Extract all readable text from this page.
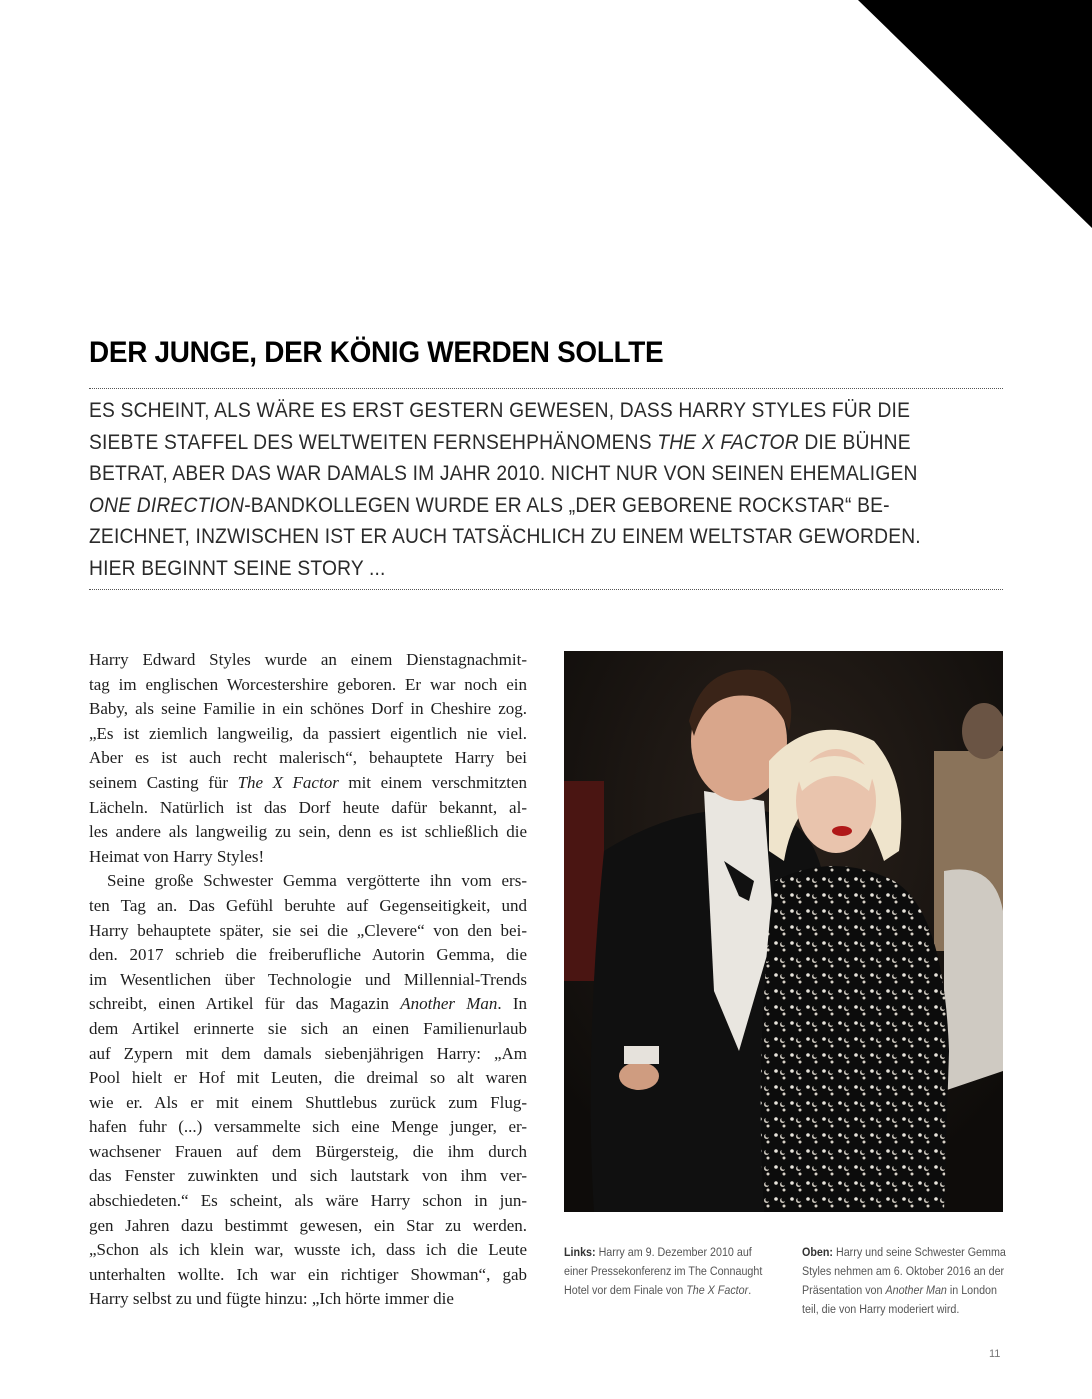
DER JUNGE, DER KÖNIG WERDEN SOLLTE

ES SCHEINT, ALS WÄRE ES ERST GESTERN GEWESEN, DASS HARRY STYLES FÜR DIE
SIEBTE STAFFEL DES WELTWEITEN FERNSEHPHÄNOMENS THE X FACTOR DIE BÜHNE
BETRAT, ABER DAS WAR DAMALS IM JAHR 2010. NICHT NUR VON SEINEN EHEMALIGEN
ONE DIRECTION-BANDKOLLEGEN WURDE ER ALS „DER GEBORENE ROCKSTAR“ BE-
ZEICHNET, INZWISCHEN IST ER AUCH TATSÄCHLICH ZU EINEM WELTSTAR GEWORDEN.
HIER BEGINNT SEINE STORY ...

Harry Edward Styles wurde an einem Dienstagnachmit-
tag im englischen Worcestershire geboren. Er war noch ein
Baby, als seine Familie in ein schönes Dorf in Cheshire zog.
„Es ist ziemlich langweilig, da passiert eigentlich nie viel.
Aber es ist auch recht malerisch“, behauptete Harry bei
seinem Casting für The X Factor mit einem verschmitzten
Lächeln. Natürlich ist das Dorf heute dafür bekannt, al-
les andere als langweilig zu sein, denn es ist schließlich die
Heimat von Harry Styles!
Seine große Schwester Gemma vergötterte ihn vom ers-
ten Tag an. Das Gefühl beruhte auf Gegenseitigkeit, und
Harry behauptete später, sie sei die „Clevere“ von den bei-
den. 2017 schrieb die freiberufliche Autorin Gemma, die
im Wesentlichen über Technologie und Millennial-Trends
schreibt, einen Artikel für das Magazin Another Man. In
dem Artikel erinnerte sie sich an einen Familienurlaub
auf Zypern mit dem damals siebenjährigen Harry: „Am
Pool hielt er Hof mit Leuten, die dreimal so alt waren
wie er. Als er mit einem Shuttlebus zurück zum Flug-
hafen fuhr (...) versammelte sich eine Menge junger, er-
wachsener Frauen auf dem Bürgersteig, die ihm durch
das Fenster zuwinkten und sich lautstark von ihm ver-
abschiedeten.“ Es scheint, als wäre Harry schon in jun-
gen Jahren dazu bestimmt gewesen, ein Star zu werden.
„Schon als ich klein war, wusste ich, dass ich die Leute
unterhalten wollte. Ich war ein richtiger Showman“, gab
Harry selbst zu und fügte hinzu: „Ich hörte immer die
Links: Harry am 9. Dezember 2010 auf
einer Pressekonferenz im The Connaught
Hotel vor dem Finale von The X Factor.
Oben: Harry und seine Schwester Gemma
Styles nehmen am 6. Oktober 2016 an der
Präsentation von Another Man in London
teil, die von Harry moderiert wird.
11
